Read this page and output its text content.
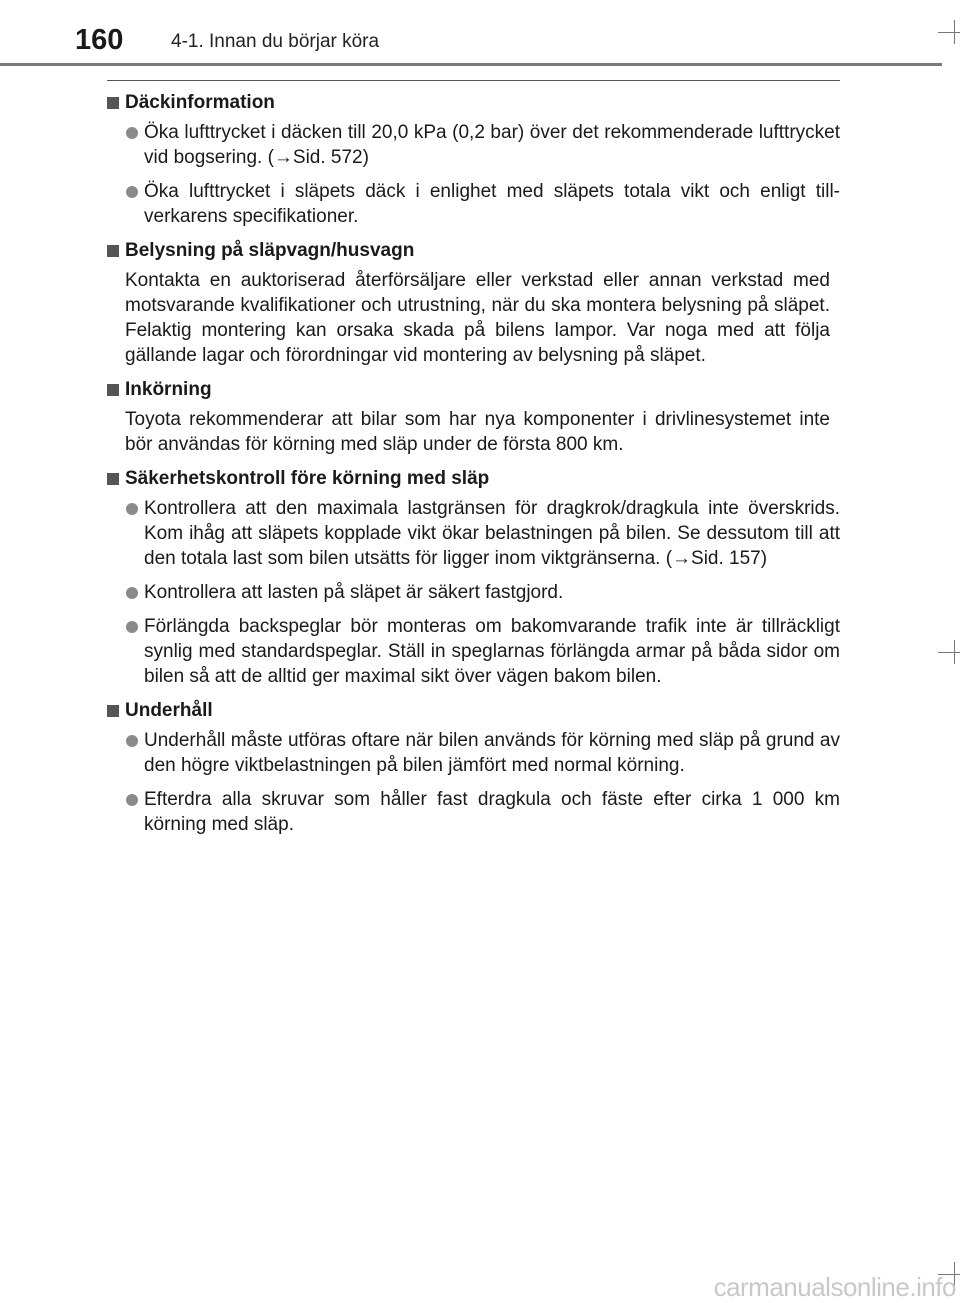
160	4-1. Innan du börjar köra
Däckinformation
Öka lufttrycket i däcken till 20,0 kPa (0,2 bar) över det rekommenderade lufttrycket vid bogsering. (→Sid. 572)
Öka lufttrycket i släpets däck i enlighet med släpets totala vikt och enligt tillverkarens specifikationer.
Belysning på släpvagn/husvagn
Kontakta en auktoriserad återförsäljare eller verkstad eller annan verkstad med motsvarande kvalifikationer och utrustning, när du ska montera belysning på släpet. Felaktig montering kan orsaka skada på bilens lampor. Var noga med att följa gällande lagar och förordningar vid montering av belysning på släpet.
Inkörning
Toyota rekommenderar att bilar som har nya komponenter i drivlinesystemet inte bör användas för körning med släp under de första 800 km.
Säkerhetskontroll före körning med släp
Kontrollera att den maximala lastgränsen för dragkrok/dragkula inte överskrids. Kom ihåg att släpets kopplade vikt ökar belastningen på bilen. Se dessutom till att den totala last som bilen utsätts för ligger inom viktgränserna. (→Sid. 157)
Kontrollera att lasten på släpet är säkert fastgjord.
Förlängda backspeglar bör monteras om bakomvarande trafik inte är tillräckligt synlig med standardspeglar. Ställ in speglarnas förlängda armar på båda sidor om bilen så att de alltid ger maximal sikt över vägen bakom bilen.
Underhåll
Underhåll måste utföras oftare när bilen används för körning med släp på grund av den högre viktbelastningen på bilen jämfört med normal körning.
Efterdra alla skruvar som håller fast dragkula och fäste efter cirka 1 000 km körning med släp.
carmanualsonline.info
